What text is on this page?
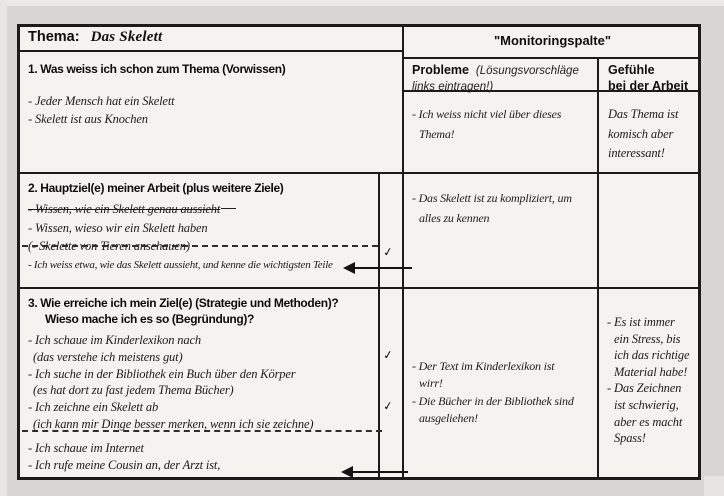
Thema: Das Skelett	"Monitoringspalte"
Probleme (Lösungsvorschläge
links eintragen!)
Gefühle
bei der Arbeit
1. Was weiss ich schon zum Thema (Vorwissen)
- Jeder Mensch hat ein Skelett
- Skelett ist aus Knochen	- Ich weiss nicht viel über dieses
Thema!
Das Thema ist
komisch aber
interessant!
2. Hauptziel(e) meiner Arbeit (plus weitere Ziele)
- Wissen, wie ein Skelett genau aussieht
- Wissen, wieso wir ein Skelett haben
(- Skelette von Tieren anschauen)
- Ich weiss etwa, wie das Skelett aussieht, und kenne die wichtigsten Teile
- Das Skelett ist zu kompliziert, um
alles zu kennen
3. Wie erreiche ich mein Ziel(e) (Strategie und Methoden)?
Wieso mache ich es so (Begründung)?
- Ich schaue im Kinderlexikon nach
(das verstehe ich meistens gut)
- Ich suche in der Bibliothek ein Buch über den Körper
(es hat dort zu fast jedem Thema Bücher)
- Ich zeichne ein Skelett ab
(ich kann mir Dinge besser merken, wenn ich sie zeichne)
- Ich schaue im Internet
- Ich rufe meine Cousin an, der Arzt ist,
- Der Text im Kinderlexikon ist
wirr!
- Die Bücher in der Bibliothek sind
ausgeliehen!
- Es ist immer
ein Stress, bis
ich das richtige
Material habe!
- Das Zeichnen
ist schwierig,
aber es macht
Spass!
✓
✓
✓
